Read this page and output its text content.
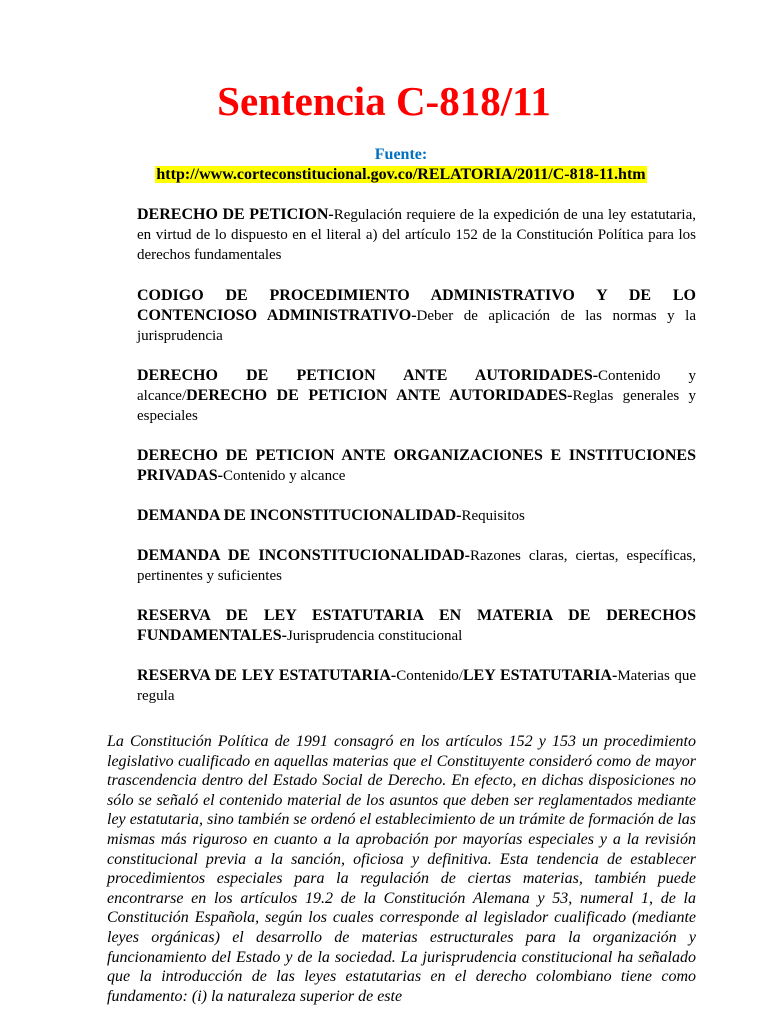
Sentencia C-818/11
Fuente:
http://www.corteconstitucional.gov.co/RELATORIA/2011/C-818-11.htm

DERECHO DE PETICION-Regulación requiere de la expedición de una ley estatutaria, en virtud de lo dispuesto en el literal a) del artículo 152 de la Constitución Política para los derechos fundamentales

CODIGO DE PROCEDIMIENTO ADMINISTRATIVO Y DE LO CONTENCIOSO ADMINISTRATIVO-Deber de aplicación de las normas y la jurisprudencia

DERECHO DE PETICION ANTE AUTORIDADES-Contenido y alcance/DERECHO DE PETICION ANTE AUTORIDADES-Reglas generales y especiales

DERECHO DE PETICION ANTE ORGANIZACIONES E INSTITUCIONES PRIVADAS-Contenido y alcance

DEMANDA DE INCONSTITUCIONALIDAD-Requisitos

DEMANDA DE INCONSTITUCIONALIDAD-Razones claras, ciertas, específicas, pertinentes y suficientes

RESERVA DE LEY ESTATUTARIA EN MATERIA DE DERECHOS FUNDAMENTALES-Jurisprudencia constitucional

RESERVA DE LEY ESTATUTARIA-Contenido/LEY ESTATUTARIA-Materias que regula

La Constitución Política de 1991 consagró en los artículos 152 y 153 un procedimiento legislativo cualificado en aquellas materias que el Constituyente consideró como de mayor trascendencia dentro del Estado Social de Derecho. En efecto, en dichas disposiciones no sólo se señaló el contenido material de los asuntos que deben ser reglamentados mediante ley estatutaria, sino también se ordenó el establecimiento de un trámite de formación de las mismas más riguroso en cuanto a la aprobación por mayorías especiales y a la revisión constitucional previa a la sanción, oficiosa y definitiva. Esta tendencia de establecer procedimientos especiales para la regulación de ciertas materias, también puede encontrarse en los artículos 19.2 de la Constitución Alemana y 53, numeral 1, de la Constitución Española, según los cuales corresponde al legislador cualificado (mediante leyes orgánicas) el desarrollo de materias estructurales para la organización y funcionamiento del Estado y de la sociedad. La jurisprudencia constitucional ha señalado que la introducción de las leyes estatutarias en el derecho colombiano tiene como fundamento: (i) la naturaleza superior de este
